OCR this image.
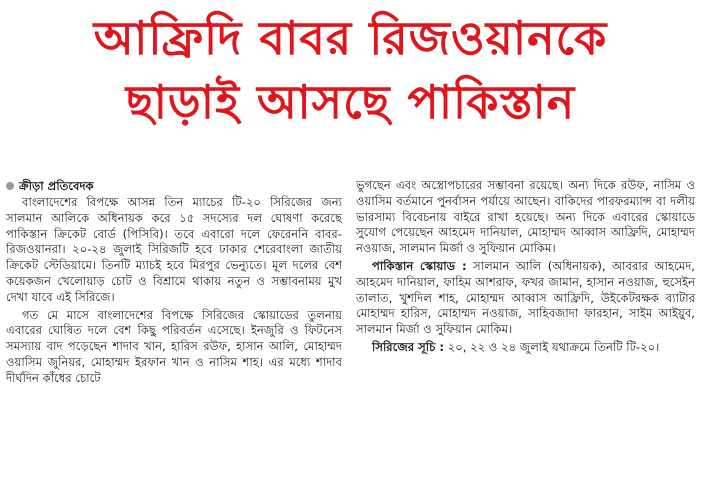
আফ্রিদি বাবর রিজওয়ানকে
ছাড়াই আসছে পাকিস্তান
ক্রীড়া প্রতিবেদক

বাংলাদেশের বিপক্ষে আসন্ন তিন ম্যাচের টি-২০ সিরিজের জন্য সালমান আলিকে অধিনায়ক করে ১৫ সদস্যের দল ঘোষণা করেছে পাকিস্তান ক্রিকেট বোর্ড (পিসিবি)। তবে এবারো দলে ফেরেননি বাবর-রিজওয়ানরা। ২০-২৪ জুলাই সিরিজটি হবে ঢাকার শেরেবাংলা জাতীয় ক্রিকেট স্টেডিয়ামে। তিনটি ম্যাচই হবে মিরপুর ভেন্যুতে। মূল দলের বেশ কয়েকজন খেলোয়াড় চোট ও বিশ্রামে থাকায় নতুন ও সম্ভাবনাময় মুখ দেখা যাবে এই সিরিজে।

গত মে মাসে বাংলাদেশের বিপক্ষে সিরিজের স্কোয়াডের তুলনায় এবারের ঘোষিত দলে বেশ কিছু পরিবর্তন এসেছে। ইনজুরি ও ফিটনেস সমস্যায় বাদ পড়েছেন শাদাব খান, হারিস রউফ, হাসান আলি, মোহাম্মদ ওয়াসিম জুনিয়র, মোহাম্মদ ইরফান খান ও নাসিম শাহ। এর মধ্যে শাদাব দীর্ঘদিন কাঁধের চোটে

ভুগছেন এবং অস্ত্রোপচারের সম্ভাবনা রয়েছে। অন্য দিকে রউফ, নাসিম ও ওয়াসিম বর্তমানে পুনর্বাসন পর্যায়ে আছেন। বাকিদের পারফরম্যান্স বা দলীয় ভারসাম্য বিবেচনায় বাইরে রাখা হয়েছে। অন্য দিকে এবারের স্কোয়াডে সুযোগ পেয়েছেন আহমেদ দানিয়াল, মোহাম্মদ আব্বাস আফ্রিদি, মোহাম্মদ নওয়াজ, সালমান মির্জা ও সুফিয়ান মোকিম।

পাকিস্তান স্কোয়াড : সালমান আলি (অধিনায়ক), আবরার আহমেদ, আহমেদ দানিয়াল, ফাহিম আশরাফ, ফখর জামান, হাসান নওয়াজ, হুসেইন তালাত, খুশদিল শাহ, মোহাম্মদ আব্বাস আফ্রিদি, উইকেটরক্ষক ব্যাটার মোহাম্মদ হারিস, মোহাম্মদ নওয়াজ, সাহিবজাদা ফারহান, সাইম আইয়ুব, সালমান মির্জা ও সুফিয়ান মোকিম।

সিরিজের সূচি : ২০, ২২ ও ২৪ জুলাই যথাক্রমে তিনটি টি-২০।
